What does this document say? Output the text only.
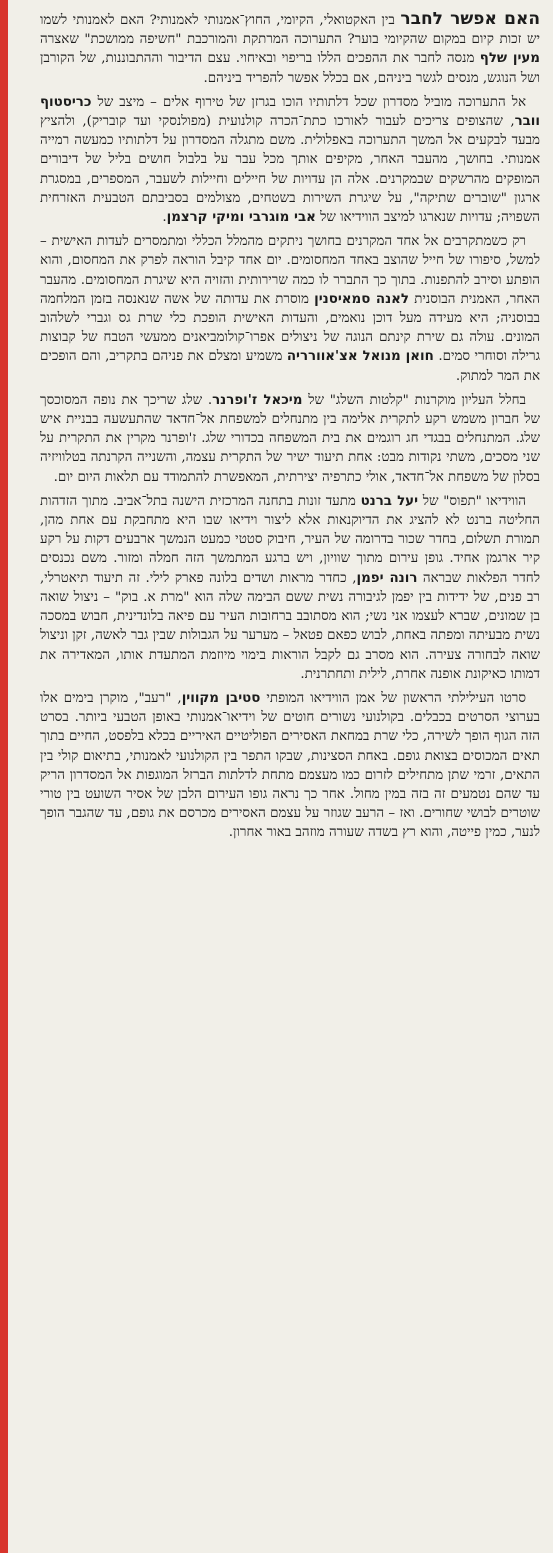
האם אפשר לחבר בין האקטואלי, הקיומי, החוץ־אמנותי לאמנותי? האם לאמנותי לשמו יש זכות קיום במקום שהקיומי בוער? התערוכה המרתקת והמורכבת "חשיפה ממושכת" שאצרה מעין שלף מנסה לחבר את ההפכים הללו בריפוי ובאיחוי. עצם הדיבור וההתבוננות, של הקורבן ושל הנוגש, מנסים לגשר ביניהם, אם בכלל אפשר להפריד ביניהם.

אל התערוכה מוביל מסדרון שכל דלתותיו הוכו בגרזן של טירוף אלים – מיצב של כריסטוף וובר, שהצופים צריכים לעבור לאורכו כתת־הכרה קולנועית (מפולנסקי ועד קובריק), ולהציץ מבעד לבקעים אל המשך התערוכה באפלולית. משם מתגלה המסדרון על דלתותיו כמעשה רמייה אמנותי. בחושך, מהעבר האחר, מקיפים אותך מכל עבר על בלבול חושים בליל של דיבורים המופקים מהרשקים שבמקרנים. אלה הן עדויות של חיילים וחיילות לשעבר, המספרים, במסגרת ארגון "שוברים שתיקה", על שיגרת השירות בשטחים, מצולמים בסביבתם הטבעית האזרחית השפויה; עדויות שנארגו למיצב הווידיאו של אבי מוגרבי ומיקי קרצמן.

רק כשמתקרבים אל אחד המקרנים בחושך ניתקים מהמלל הכללי ומתמסרים לעדות האישית – למשל, סיפורו של חייל שהוצב באחד המחסומים. יום אחד קיבל הוראה לפרק את המחסום, והוא הופתע וסירב להתפנות. בתוך כך התברר לו כמה שרירותית והזויה היא שיגרת המחסומים. מהעבר האחר, האמנית הבוסנית לאנה סמאיסנין מוסרת את עדותה של אשה שנאנסה בזמן המלחמה בבוסניה; היא מעידה מעל דוכן נואמים, והעדות האישית הופכת כלי שרת גס וגברי לשלהוב המונים. עולה גם שירת קינתם הנוגה של ניצולים אפרו־קולומביאנים ממעשי הטבח של קבוצות גרילה וסוחרי סמים. חואן מנואל אצ'אוורריה משמיע ומצלם את פניהם בתקריב, והם הופכים את המר למתוק.

בחלל העליון מוקרנות "קלטות השלג" של מיכאל ז'ופרנר. שלג שריכך את נופה המסוכסך של חברון משמש רקע לתקרית אלימה בין מתנחלים למשפחת אל־חדאד שהתעשעה בבניית איש שלג. המתנחלים בבגדי חג רוגמים את בית המשפחה בכדורי שלג. ז'ופרנר מקרין את התקרית על שני מסכים, משתי נקודות מבט: אחת תיעוד ישיר של התקרית עצמה, והשנייה הקרנתה בטלוויזיה בסלון של משפחת אל־חדאד, אולי כתרפיה יצירתית, המאפשרת להתמודד עם תלאות היום יום.

הווידיאו "תפוס" של יעל ברנט מתעד זונות בתחנה המרכזית הישנה בתל־אביב. מתוך הזדהות החליטה ברנט לא להציג את הדיוקנאות אלא ליצור וידיאו שבו היא מתחבקת עם אחת מהן, תמורת תשלום, בחדר שכור בדרומה של העיר, חיבוק סטטי כמעט הנמשך ארבעים דקות על רקע קיר ארגמן אחיד. גופן עירום מתוך שוויון, ויש ברגע המתמשך הזה חמלה ומזור. משם נכנסים לחדר הפלאות שבראה רונה יפמן, כחדר מראות ושדים בלונה פארק לילי. זה תיעוד תיאטרלי, רב פנים, של ידידות בין יפמן לגיבורה נשית ששם הבימה שלה הוא "מרת א. בוק" – ניצול שואה בן שמונים, שברא לעצמו אני נשי; הוא מסתובב ברחובות העיר עם פיאה בלונדינית, חבוש במסכה נשית מבעיתה ומפתה באחת, לבוש כפאם פטאל – מערער על הגבולות שבין גבר לאשה, זקן וניצול שואה לבחורה צעירה. הוא מסרב גם לקבל הוראות בימוי מיוזמת המתעדת אותו, המאדירה את דמותו כאיקונת אופנה אחרת, לילית ותחתרנית.

סרטו העילילתי הראשון של אמן הווידיאו המופתי סטיבן מקווין, "רעב", מוקרן בימים אלו בערוצי הסרטים בכבלים. בקולנועי נשורים חוטים של וידיאו־אמנותי באופן הטבעי ביותר. בסרט הזה הגוף הופך לשירה, כלי שרת במחאת האסירים הפוליטיים האיריים בכלא בלפסט, החיים בתוך תאים המכוסים בצואת גופם. באחת הסצינות, שבקו התפר בין הקולנועי לאמנותי, בתיאום קולי בין התאים, זרמי שתן מתחילים לזרום כמו מעצמם מתחת לדלתות הברזל המוגפות אל המסדרון הריק עד שהם נטמעים זה בזה במין מחול. אחר כך נראה גופו העירום הלבן של אסיר השועט בין טורי שוטרים לבושי שחורים. ואז – הרעב שגוזר על עצמם האסירים מכרסם את גופם, עד שהגבר הופך לנער, כמין פייטה, והוא רץ בשדה שעורה מוזהב באור אחרון.
